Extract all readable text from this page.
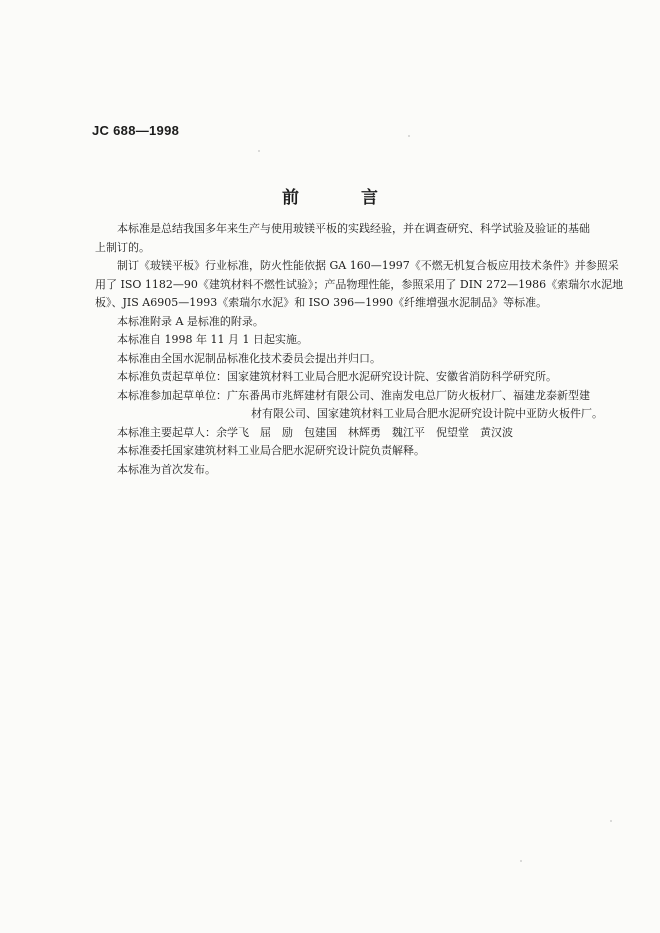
JC 688—1998
前 言

本标准是总结我国多年来生产与使用玻镁平板的实践经验，并在调查研究、科学试验及验证的基础
上制订的。

制订《玻镁平板》行业标准，防火性能依据 GA 160—1997《不燃无机复合板应用技术条件》并参照采
用了 ISO 1182—90《建筑材料不燃性试验》；产品物理性能，参照采用了 DIN 272—1986《索瑞尔水泥地
板》、JIS A6905—1993《索瑞尔水泥》和 ISO 396—1990《纤维增强水泥制品》等标准。

本标准附录 A 是标准的附录。

本标准自 1998 年 11 月 1 日起实施。

本标准由全国水泥制品标准化技术委员会提出并归口。

本标准负责起草单位：国家建筑材料工业局合肥水泥研究设计院、安徽省消防科学研究所。

本标准参加起草单位：广东番禺市兆辉建材有限公司、淮南发电总厂防火板材厂、福建龙泰新型建
材有限公司、国家建筑材料工业局合肥水泥研究设计院中亚防火板件厂。

本标准主要起草人：余学飞　屈　励　包建国　林辉勇　魏江平　倪望堂　黄汉波

本标准委托国家建筑材料工业局合肥水泥研究设计院负责解释。

本标准为首次发布。
